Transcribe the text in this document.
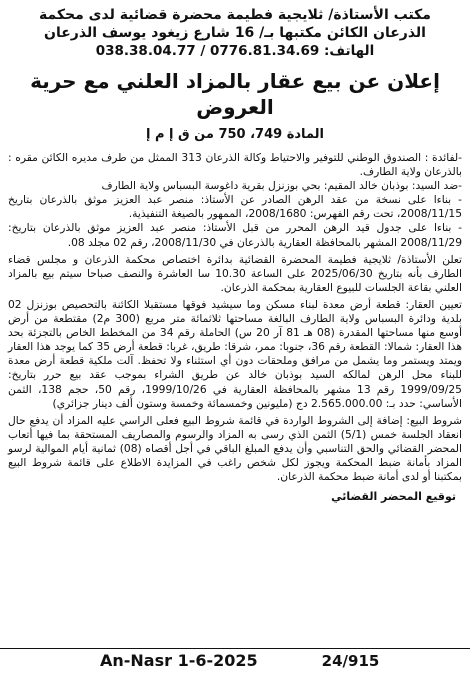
مكتب الأستاذة/ ثلايجية فطيمة محضرة قضائية لدى محكمة
الذرعان الكائن مكتبها بـ/ 16 شارع زيغود يوسف الذرعان
الهاتف: 0776.81.34.69 / 038.38.04.77
إعلان عن بيع عقار بالمزاد العلني مع حرية العروض
المادة 749، 750 من ق إ م إ

-لفائدة : الصندوق الوطني للتوفير والاحتياط وكالة الذرعان 313 الممثل من طرف مديره الكائن مقره : بالذرعان ولاية الطارف.

-ضد السيد: بوذبان خالد المقيم: بحي بوزنزل بقرية داغوسة البسباس ولاية الطارف

- بناءا على نسخة من عقد الرهن الصادر عن الأستاذ: منصر عبد العزيز موثق بالذرعان بتاريخ 2008/11/15، تحت رقم الفهرس: 2008/1680، الممهور بالصيغة التنفيذية.

- بناءا على جدول قيد الرهن المحرر من قبل الأستاذ: منصر عبد العزيز موثق بالذرعان بتاريخ: 2008/11/29 المشهر بالمحافظة العقارية بالذرعان في 2008/11/30، رقم 02 مجلد 08.

تعلن الأستاذة/ ثلايجية فطيمة المحضرة القضائية بدائرة اختصاص محكمة الذرعان و مجلس قضاء الطارف بأنه بتاريخ 2025/06/30 على الساعة 10.30 سا العاشرة والنصف صباحا سيتم بيع بالمزاد العلني بقاعة الجلسات للبيوع العقارية بمحكمة الذرعان.

تعيين العقار: قطعة أرض معدة لبناء مسكن وما سيشيد فوقها مستقبلا الكائنة بالتحصيص بوزنزل 02 بلدية ودائرة البسباس ولاية الطارف البالغة مساحتها ثلاثمائة متر مربع (300 م2) مقتطعة من أرض أوسع منها مساحتها المقدرة (08 هـ 81 آر 20 س) الحاملة رقم 34 من المخطط الخاص بالتجزئة بحد هذا العقار: شمالا: القطعة رقم 36، جنوبا: ممر، شرقا: طريق، غربا: قطعة أرض 35 كما يوجد هذا العقار ويمتد ويستمر وما يشمل من مرافق وملحقات دون أي استثناء ولا تحفظ. آلت ملكية قطعة أرض معدة للبناء محل الرهن لمالكه السيد بوذبان خالد عن طريق الشراء بموجب عقد بيع حرر بتاريخ: 1999/09/25 رقم 13 مشهر بالمحافظة العقارية في 1999/10/26، رقم 50، حجم 138، الثمن الأساسي: حدد بـ: 2.565.000.00 دج (مليونين وخمسمائة وخمسة وستون ألف دينار جزائري)

شروط البيع: إضافة إلى الشروط الواردة في قائمة شروط البيع فعلى الراسي عليه المزاد أن يدفع حال انعقاد الجلسة خمس (5/1) الثمن الذي رسى به المزاد والرسوم والمصاريف المستحقة بما فيها أتعاب المحضر القضائي والحق التناسبي وأن يدفع المبلغ الباقي في أجل أقصاه (08) ثمانية أيام الموالية لرسو المزاد بأمانة ضبط المحكمة ويجوز لكل شخص راغب في المزايدة الاطلاع على قائمة شروط البيع بمكتبنا أو لدى أمانة ضبط محكمة الذرعان.

توقيع المحضر القضائي
An-Nasr 1-6-2025	24/915
